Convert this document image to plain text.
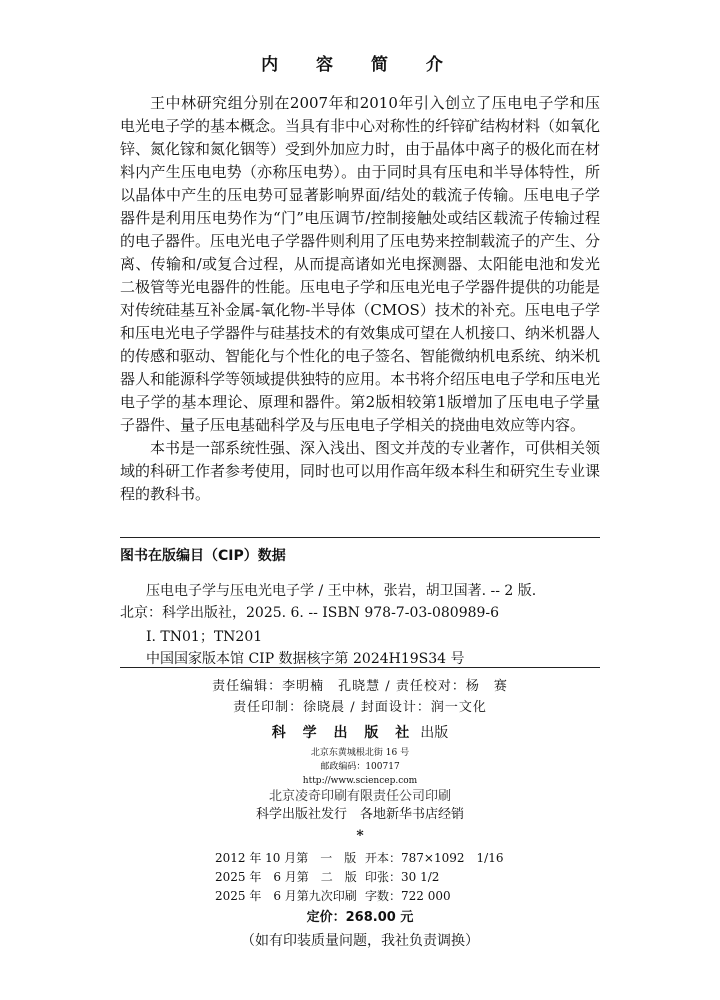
内 容 简 介

王中林研究组分别在2007年和2010年引入创立了压电电子学和压电光电子学的基本概念。当具有非中心对称性的纤锌矿结构材料（如氧化锌、氮化镓和氮化铟等）受到外加应力时，由于晶体中离子的极化而在材料内产生压电电势（亦称压电势）。由于同时具有压电和半导体特性，所以晶体中产生的压电势可显著影响界面/结处的载流子传输。压电电子学器件是利用压电势作为“门”电压调节/控制接触处或结区载流子传输过程的电子器件。压电光电子学器件则利用了压电势来控制载流子的产生、分离、传输和/或复合过程，从而提高诸如光电探测器、太阳能电池和发光二极管等光电器件的性能。压电电子学和压电光电子学器件提供的功能是对传统硅基互补金属-氧化物-半导体（CMOS）技术的补充。压电电子学和压电光电子学器件与硅基技术的有效集成可望在人机接口、纳米机器人的传感和驱动、智能化与个性化的电子签名、智能微纳机电系统、纳米机器人和能源科学等领域提供独特的应用。本书将介绍压电电子学和压电光电子学的基本理论、原理和器件。第2版相较第1版增加了压电电子学量子器件、量子压电基础科学及与压电电子学相关的挠曲电效应等内容。

本书是一部系统性强、深入浅出、图文并茂的专业著作，可供相关领域的科研工作者参考使用，同时也可以用作高年级本科生和研究生专业课程的教科书。

图书在版编目（CIP）数据
压电电子学与压电光电子学 / 王中林，张岩，胡卫国著. -- 2 版.
北京：科学出版社，2025. 6. -- ISBN 978-7-03-080989-6
Ⅰ. TN01；TN201
中国国家版本馆 CIP 数据核字第 2024H19S34 号
责任编辑：李明楠　孔晓慧 / 责任校对：杨　赛
责任印制：徐晓晨 / 封面设计：润一文化
科 学 出 版 社 出版
北京东黄城根北街 16 号
邮政编码：100717
http://www.sciencep.com
北京凌奇印刷有限责任公司印刷
科学出版社发行　各地新华书店经销
*
2012 年 10 月第　一　版 开本：787×1092　1/16
2025 年　6 月第　二　版 印张：30 1/2
2025 年　6 月第九次印刷 字数：722 000
定价：268.00 元
（如有印装质量问题，我社负责调换）
